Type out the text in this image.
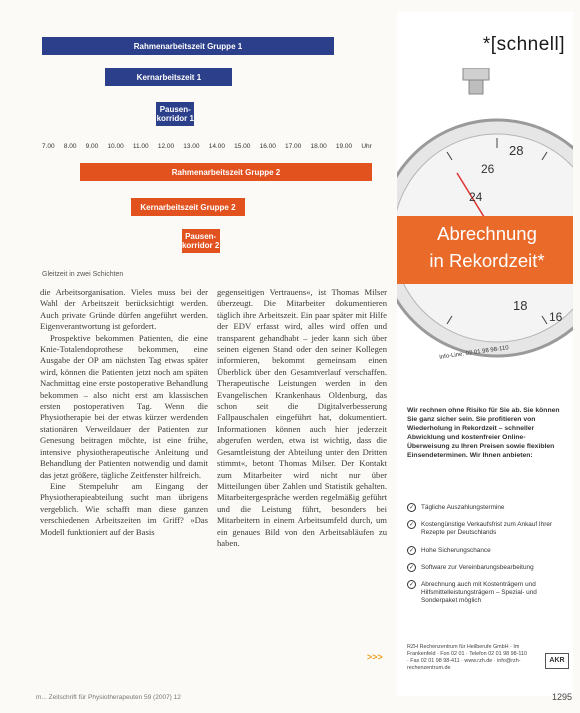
Rahmenarbeitszeit Gruppe 1
Kernarbeitszeit 1
Pausen- korridor 1
Rahmenarbeitszeit Gruppe 2
Kernarbeitszeit Gruppe 2
Pausen- korridor 2
7.00 8.00 9.00 10.00 11.00 12.00 13.00 14.00 15.00 16.00 17.00 18.00 19.00 Uhr
Gleitzeit in zwei Schichten

die Arbeitsorganisation. Vieles muss bei der Wahl der Arbeitszeit berücksichtigt werden. Auch private Gründe dürfen angeführt werden. Eigenverantwortung ist gefordert.

Prospektive bekommen Patienten, die eine Knie-Totalendoprothese bekommen, eine Ausgabe der OP am nächsten Tag etwas später wird, können die Patienten jetzt noch am späten Nachmittag eine erste postoperative Behandlung bekommen – also nicht erst am klassischen ersten postoperativen Tag. Wenn die Physiotherapie bei der etwas kürzer werdenden stationären Verweildauer der Patienten zur Genesung beitragen möchte, ist eine frühe, intensive physiotherapeutische Anleitung und Behandlung der Patienten notwendig und damit das jetzt größere, tägliche Zeitfenster hilfreich.

Eine Stempeluhr am Eingang der Physiotherapieabteilung sucht man übrigens vergeblich. Wie schafft man diese ganzen verschiedenen Arbeitszeiten im Griff? »Das Modell funktioniert auf der Basis

gegenseitigen Vertrauens«, ist Thomas Milser überzeugt. Die Mitarbeiter dokumentieren täglich ihre Arbeitszeit. Ein paar später mit Hilfe der EDV erfasst wird, alles wird offen und transparent gehandhabt – jeder kann sich über seinen eigenen Stand oder den seiner Kollegen informieren, bekommt gemeinsam einen Überblick über den Gesamtverlauf verschaffen. Therapeutische Leistungen werden in den Evangelischen Krankenhaus Oldenburg, das schon seit die Digitalverbesserung Fallpauschalen eingeführt hat, dokumentiert. Informationen können auch hier jederzeit abgerufen werden, etwa ist wichtig, dass die Gesamtleistung der Abteilung unter den Dritten stimmt«, betont Thomas Milser. Der Kontakt zum Mitarbeiter wird nicht nur über Mitteilungen über Zahlen und Statistik gehalten. Mitarbeitergespräche werden regelmäßig geführt und die Leistung führt, besonders bei Mitarbeitern in einem Arbeitsumfeld durch, um ein genaues Bild von den Arbeitsabläufen zu haben.

>>>
*[schnell]
28
26
24
18
16
Abrechnung
in Rekordzeit*
Info-Line: 02 01 98 98-110
Wir rechnen ohne Risiko für Sie ab. Sie können Sie ganz sicher sein. Sie profitieren von Wiederholung in Rekordzeit – schneller Abwicklung und kostenfreier Online-Überweisung zu Ihren Preisen sowie flexiblen Einsendeterminen. Wir Ihnen anbieten:
✓	Tägliche Auszahlungstermine
✓	Kostengünstige Verkaufsfrist zum Ankauf Ihrer Rezepte per Deutschlands
✓	Hohe Sicherungschance
✓	Software zur Vereinbarungsbearbeitung
✓	Abrechnung auch mit Kostenträgern und Hilfsmittelleistungsträgern – Spezial- und Sonderpaket möglich
RZH Rechenzentrum für Heilberufe GmbH · Im Frankenfeld · Fon 02 01 · Telefon 02 01 98 98-110 · Fax 02 01 98 98-411 · www.rzh.de · info@rzh-rechenzentrum.de
AKR
m... Zeitschrift für Physiotherapeuten 59 (2007) 12	1295
